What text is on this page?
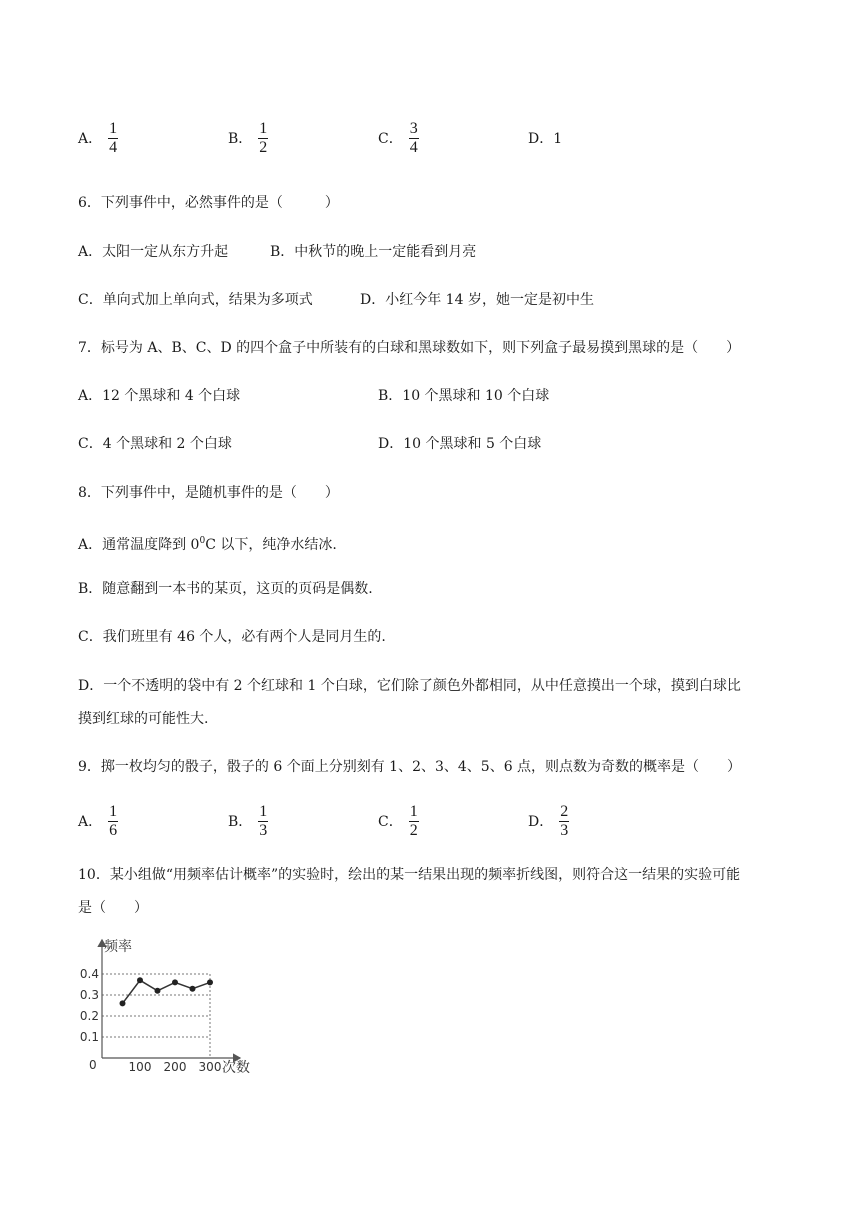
A． $\frac{1}{4}$	B． $\frac{1}{2}$	C． $\frac{3}{4}$	D．1
6．下列事件中，必然事件的是（　　　）
A．太阳一定从东方升起	B．中秋节的晚上一定能看到月亮
C．单向式加上单向式，结果为多项式	D．小红今年 14 岁，她一定是初中生
7．标号为 A、B、C、D 的四个盒子中所装有的白球和黑球数如下，则下列盒子最易摸到黑球的是（　　）
A．12 个黑球和 4 个白球	B．10 个黑球和 10 个白球
C．4 个黑球和 2 个白球	D．10 个黑球和 5 个白球
8．下列事件中，是随机事件的是（　　）
A．通常温度降到 $0^0C$ 以下，纯净水结冰.
B．随意翻到一本书的某页，这页的页码是偶数.
C．我们班里有 46 个人，必有两个人是同月生的.
D．一个不透明的袋中有 2 个红球和 1 个白球，它们除了颜色外都相同，从中任意摸出一个球，摸到白球比
摸到红球的可能性大.
9．掷一枚均匀的骰子，骰子的 6 个面上分别刻有 1、2、3、4、5、6 点，则点数为奇数的概率是（　　）
A． $\frac{1}{6}$	B． $\frac{1}{3}$	C． $\frac{1}{2}$	D． $\frac{2}{3}$
10．某小组做“用频率估计概率”的实验时，绘出的某一结果出现的频率折线图，则符合这一结果的实验可能
是（　　）
频率
次数
0
0.4
0.3
0.2
0.1
100 200 300
